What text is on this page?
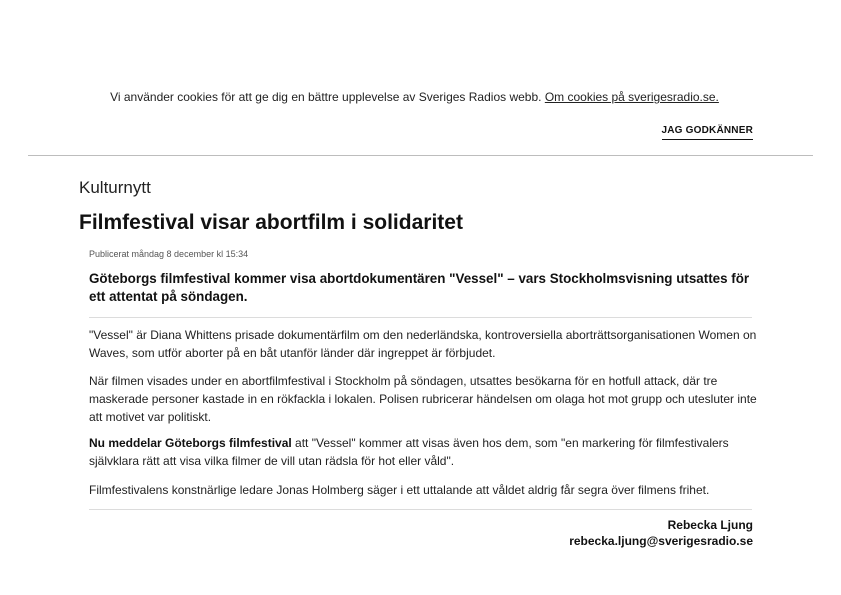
Vi använder cookies för att ge dig en bättre upplevelse av Sveriges Radios webb. Om cookies på sverigesradio.se.
JAG GODKÄNNER
Kulturnytt
Filmfestival visar abortfilm i solidaritet
Publicerat måndag 8 december kl 15:34

Göteborgs filmfestival kommer visa abortdokumentären "Vessel" – vars Stockholmsvisning utsattes för ett attentat på söndagen.

"Vessel" är Diana Whittens prisade dokumentärfilm om den nederländska, kontroversiella aborträttsorganisationen Women on Waves, som utför aborter på en båt utanför länder där ingreppet är förbjudet.

När filmen visades under en abortfilmfestival i Stockholm på söndagen, utsattes besökarna för en hotfull attack, där tre maskerade personer kastade in en rökfackla i lokalen. Polisen rubricerar händelsen om olaga hot mot grupp och utesluter inte att motivet var politiskt.

Nu meddelar Göteborgs filmfestival att "Vessel" kommer att visas även hos dem, som "en markering för filmfestivalers självklara rätt att visa vilka filmer de vill utan rädsla för hot eller våld".

Filmfestivalens konstnärlige ledare Jonas Holmberg säger i ett uttalande att våldet aldrig får segra över filmens frihet.

Rebecka Ljung
rebecka.ljung@sverigesradio.se
